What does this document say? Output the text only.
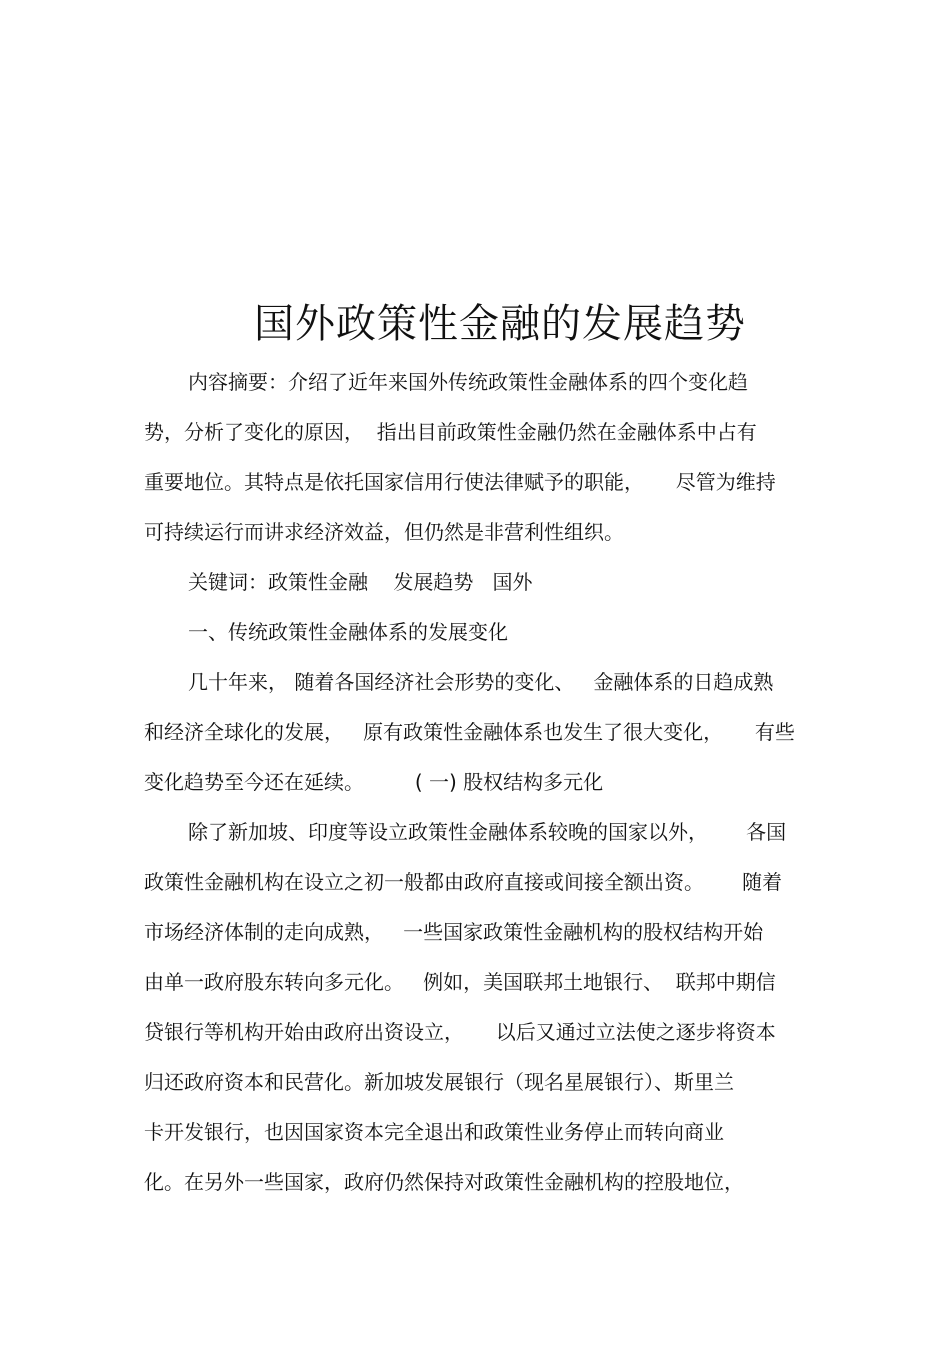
国外政策性金融的发展趋势
内容摘要：介绍了近年来国外传统政策性金融体系的四个变化趋
势，分析了变化的原因，  指出目前政策性金融仍然在金融体系中占有
重要地位。其特点是依托国家信用行使法律赋予的职能，     尽管为维持
可持续运行而讲求经济效益，但仍然是非营利性组织。
关键词：政策性金融    发展趋势   国外
一、传统政策性金融体系的发展变化
几十年来， 随着各国经济社会形势的变化、   金融体系的日趋成熟
和经济全球化的发展，   原有政策性金融体系也发生了很大变化，     有些
变化趋势至今还在延续。        ( 一) 股权结构多元化
除了新加坡、印度等设立政策性金融体系较晚的国家以外，      各国
政策性金融机构在设立之初一般都由政府直接或间接全额出资。      随着
市场经济体制的走向成熟，   一些国家政策性金融机构的股权结构开始
由单一政府股东转向多元化。   例如，美国联邦土地银行、  联邦中期信
贷银行等机构开始由政府出资设立，     以后又通过立法使之逐步将资本
归还政府资本和民营化。新加坡发展银行（现名星展银行）、斯里兰
卡开发银行，也因国家资本完全退出和政策性业务停止而转向商业
化。在另外一些国家，政府仍然保持对政策性金融机构的控股地位，
